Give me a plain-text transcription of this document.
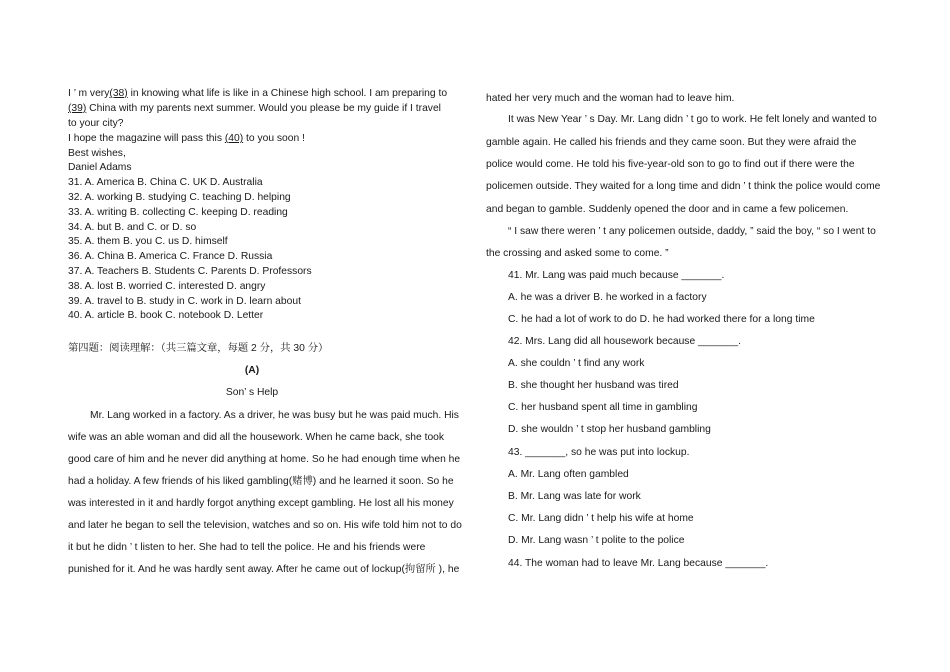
I ’ m very(38) in knowing what life is like in a Chinese high school. I am preparing to
(39) China with my parents next summer. Would you please be my guide if I travel
to your city?
I hope the magazine will pass this (40) to you soon !
Best wishes,
Daniel Adams
31. A. America B. China C. UK D. Australia
32. A. working B. studying C. teaching D. helping
33. A. writing B. collecting C. keeping D. reading
34. A. but B. and C. or D. so
35. A. them B. you C. us D. himself
36. A. China B. America C. France D. Russia
37. A. Teachers B. Students C. Parents D. Professors
38. A. lost B. worried C. interested D. angry
39. A. travel to B. study in C. work in D. learn about
40. A. article B. book C. notebook D. Letter
第四题：阅读理解：（共三篇文章，每题 2 分，共 30 分）
(A)
Son’ s Help
Mr. Lang worked in a factory. As a driver, he was busy but he was paid much. His
wife was an able woman and did all the housework. When he came back, she took
good care of him and he never did anything at home. So he had enough time when he
had a holiday. A few friends of his liked gambling(赌博) and he learned it soon. So he
was interested in it and hardly forgot anything except gambling. He lost all his money
and later he began to sell the television, watches and so on. His wife told him not to do
it but he didn ’ t listen to her. She had to tell the police. He and his friends were
punished for it. And he was hardly sent away. After he came out of lockup(拘留所 ), he
hated her very much and the woman had to leave him.
It was New Year ’ s Day. Mr. Lang didn ’ t go to work. He felt lonely and wanted to
gamble again. He called his friends and they came soon. But they were afraid the
police would come. He told his five-year-old son to go to find out if there were the
policemen outside. They waited for a long time and didn ’ t think the police would come
and began to gamble. Suddenly opened the door and in came a few policemen.
“ I saw there weren ’ t any policemen outside, daddy, ” said the boy, “ so I went to
the crossing and asked some to come. ”
41. Mr. Lang was paid much because _______.
A. he was a driver B. he worked in a factory
C. he had a lot of work to do D. he had worked there for a long time
42. Mrs. Lang did all housework because _______.
A. she couldn ’ t find any work
B. she thought her husband was tired
C. her husband spent all time in gambling
D. she wouldn ’ t stop her husband gambling
43. _______, so he was put into lockup.
A. Mr. Lang often gambled
B. Mr. Lang was late for work
C. Mr. Lang didn ’ t help his wife at home
D. Mr. Lang wasn ’ t polite to the police
44. The woman had to leave Mr. Lang because _______.
